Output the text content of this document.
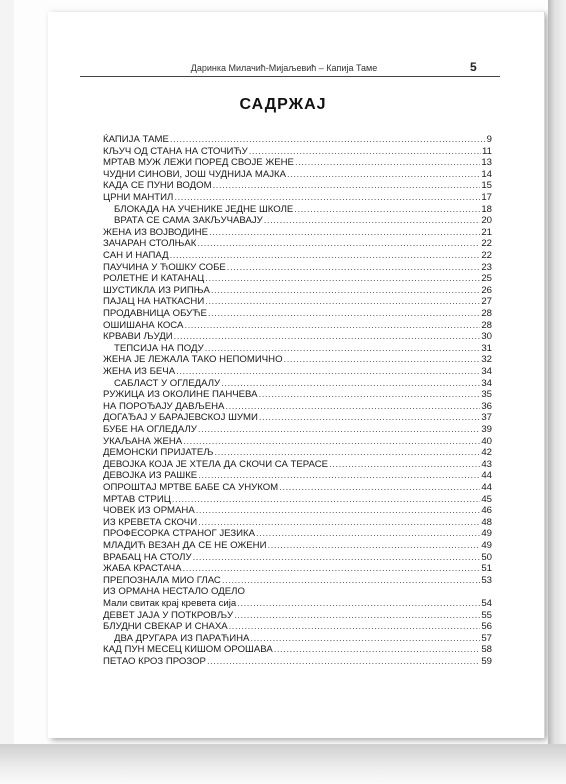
Даринка Милачић-Мијаљевић – Капија Таме	5
САДРЖАЈ
ЌАПИЈА ТАМЕ .....	9
КЉУЧ ОД СТАНА НА СТОЧИЋУ .....	11
МРТАВ МУЖ ЛЕЖИ ПОРЕД СВОЈЕ ЖЕНЕ .....	13
ЧУДНИ СИНОВИ, ЈОШ ЧУДНИЈА МАЈКА .....	14
КАДА СЕ ПУНИ ВОДОМ .....	15
ЦРНИ МАНТИЛ .....	17
БЛОКАДА НА УЧЕНИКЕ ЈЕДНЕ ШКОЛЕ .....	18
ВРАТА СЕ САМА ЗАКЉУЧАВАЈУ .....	20
ЖЕНА ИЗ ВОЈВОДИНЕ .....	21
ЗАЧАРАН СТОЛЊАК .....	22
САН И НАПАД .....	22
ПАУЧИНА У ЋОШКУ СОБЕ .....	23
РОЛЕТНЕ И КАТАНАЦ .....	25
ШУСТИКЛА ИЗ РИПЊА .....	26
ПАЈАЦ НА НАТКАСНИ .....	27
ПРОДАВНИЦА ОБУЋЕ .....	28
ОШИШАНА КОСА .....	28
КРВАВИ ЉУДИ .....	30
ТЕПСИЈА НА ПОДУ .....	31
ЖЕНА ЈЕ ЛЕЖАЛА ТАКО НЕПОМИЧНО .....	32
ЖЕНА ИЗ БЕЧА .....	34
САБЛАСТ У ОГЛЕДАЛУ .....	34
РУЖИЦА ИЗ ОКОЛИНЕ ПАНЧЕВА .....	35
НА ПОРОЂАЈУ ДАВЉЕНА .....	36
ДОГАЂАЈ У БАРАЈЕВСКОЈ ШУМИ .....	37
БУБЕ НА ОГЛЕДАЛУ .....	39
УКАЉАНА ЖЕНА .....	40
ДЕМОНСКИ ПРИЈАТЕЉ .....	42
ДЕВОЈКА КОЈА ЈЕ ХТЕЛА ДА СКОЧИ СА ТЕРАСЕ .....	43
ДЕВОЈКА ИЗ РАШКЕ .....	44
ОПРОШТАЈ МРТВЕ БАБЕ СА УНУКОМ .....	44
МРТАВ СТРИЦ .....	45
ЧОВЕК ИЗ ОРМАНА .....	46
ИЗ КРЕВЕТА СКОЧИ .....	48
ПРОФЕСОРКА СТРАНОГ ЈЕЗИКА .....	49
МЛАДИЋ ВЕЗАН ДА СЕ НЕ ОЖЕНИ .....	49
ВРАБАЦ НА СТОЛУ .....	50
ЖАБА КРАСТАЧА .....	51
ПРЕПОЗНАЛА МИО ГЛАС .....	53
ИЗ ОРМАНА НЕСТАЛО ОДЕЛО
Мали свитак крај кревета сија .....	54
ДЕВЕТ ЈАЈА У ПОТКРОВЉУ .....	55
БЛУДНИ СВЕКАР И СНАХА .....	56
ДВА ДРУГАРА ИЗ ПАРАЋИНА .....	57
КАД ПУН МЕСЕЦ КИШОМ ОРОШАВА .....	58
ПЕТАО КРОЗ ПРОЗОР .....	59
